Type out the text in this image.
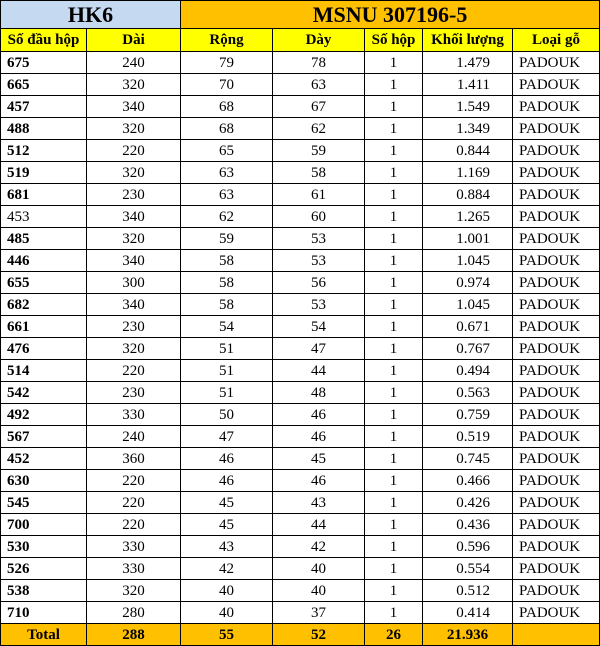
HK6		MSNU 307196-5				
Số đầu hộp	Dài	Rộng	Dày	Số hộp	Khối lượng	Loại gỗ
675	240	79	78	1	1.479	PADOUK
665	320	70	63	1	1.411	PADOUK
457	340	68	67	1	1.549	PADOUK
488	320	68	62	1	1.349	PADOUK
512	220	65	59	1	0.844	PADOUK
519	320	63	58	1	1.169	PADOUK
681	230	63	61	1	0.884	PADOUK
453	340	62	60	1	1.265	PADOUK
485	320	59	53	1	1.001	PADOUK
446	340	58	53	1	1.045	PADOUK
655	300	58	56	1	0.974	PADOUK
682	340	58	53	1	1.045	PADOUK
661	230	54	54	1	0.671	PADOUK
476	320	51	47	1	0.767	PADOUK
514	220	51	44	1	0.494	PADOUK
542	230	51	48	1	0.563	PADOUK
492	330	50	46	1	0.759	PADOUK
567	240	47	46	1	0.519	PADOUK
452	360	46	45	1	0.745	PADOUK
630	220	46	46	1	0.466	PADOUK
545	220	45	43	1	0.426	PADOUK
700	220	45	44	1	0.436	PADOUK
530	330	43	42	1	0.596	PADOUK
526	330	42	40	1	0.554	PADOUK
538	320	40	40	1	0.512	PADOUK
710	280	40	37	1	0.414	PADOUK
Total	288	55	52	26	21.936	
